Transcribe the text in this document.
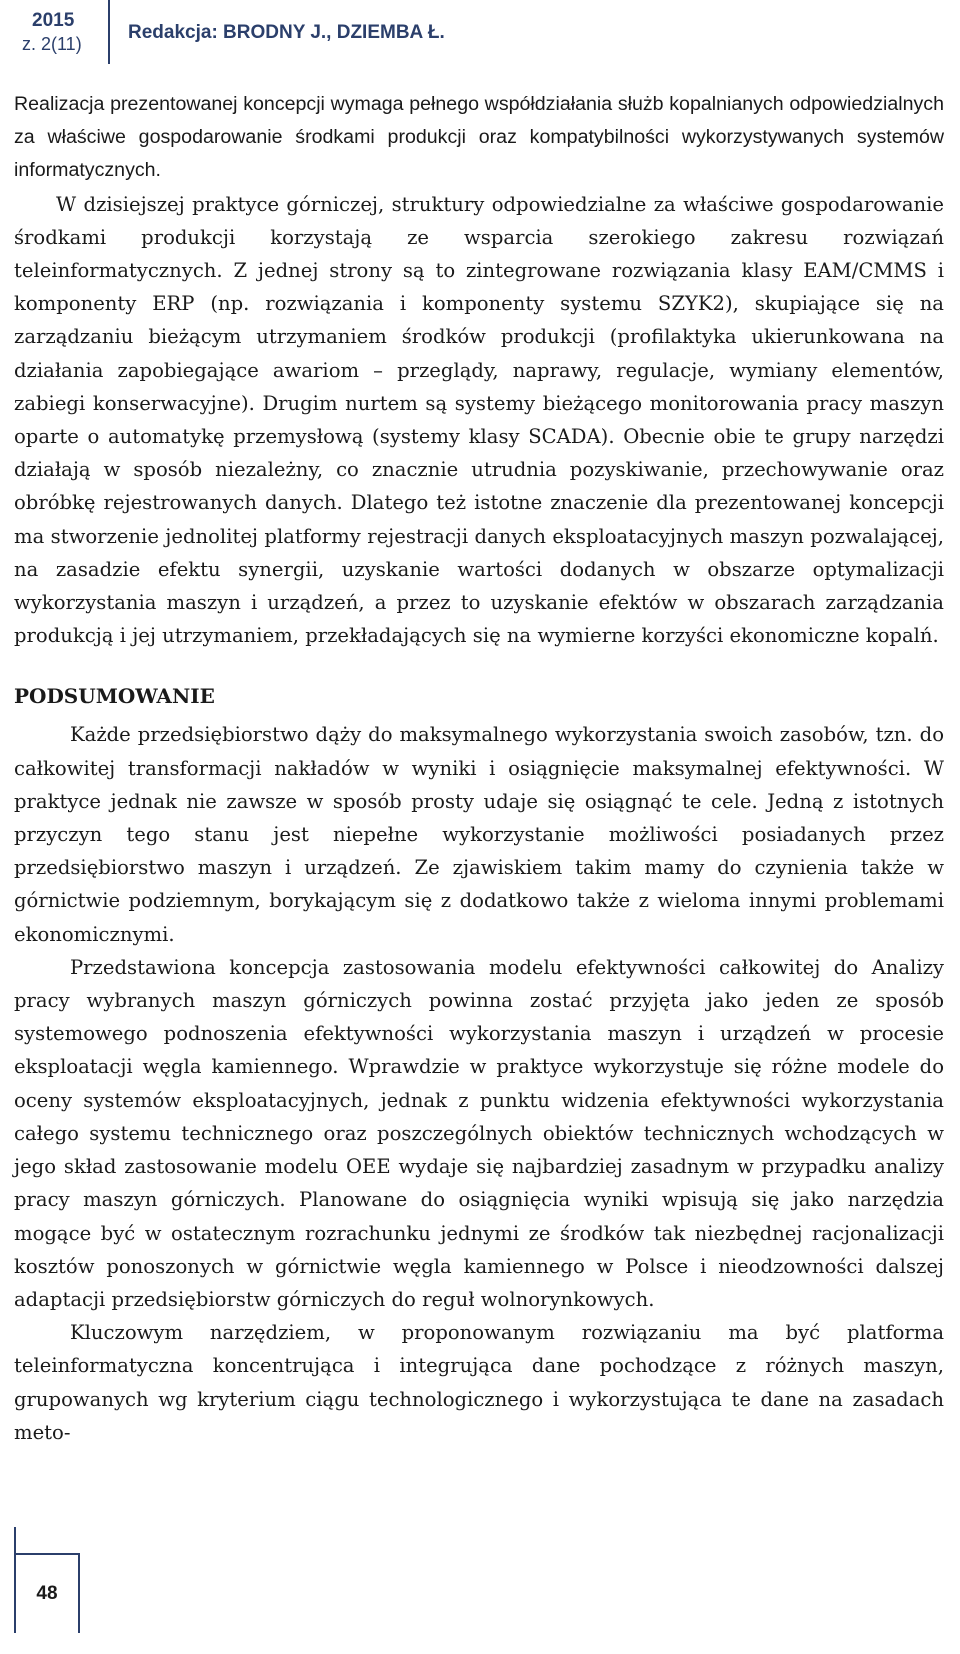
2015
z. 2(11)
Redakcja: BRODNY J., DZIEMBA Ł.

Realizacja prezentowanej koncepcji wymaga pełnego współdziałania służb kopalnianych odpowiedzialnych za właściwe gospodarowanie środkami produkcji oraz kompatybilności wykorzystywanych systemów informatycznych.

W dzisiejszej praktyce górniczej, struktury odpowiedzialne za właściwe gospodarowanie środkami produkcji korzystają ze wsparcia szerokiego zakresu rozwiązań teleinformatycznych. Z jednej strony są to zintegrowane rozwiązania klasy EAM/CMMS i komponenty ERP (np. rozwiązania i komponenty systemu SZYK2), skupiające się na zarządzaniu bieżącym utrzymaniem środków produkcji (profilaktyka ukierunkowana na działania zapobiegające awariom – przeglądy, naprawy, regulacje, wymiany elementów, zabiegi konserwacyjne). Drugim nurtem są systemy bieżącego monitorowania pracy maszyn oparte o automatykę przemysłową (systemy klasy SCADA). Obecnie obie te grupy narzędzi działają w sposób niezależny, co znacznie utrudnia pozyskiwanie, przechowywanie oraz obróbkę rejestrowanych danych. Dlatego też istotne znaczenie dla prezentowanej koncepcji ma stworzenie jednolitej platformy rejestracji danych eksploatacyjnych maszyn pozwalającej, na zasadzie efektu synergii, uzyskanie wartości dodanych w obszarze optymalizacji wykorzystania maszyn i urządzeń, a przez to uzyskanie efektów w obszarach zarządzania produkcją i jej utrzymaniem, przekładających się na wymierne korzyści ekonomiczne kopalń.

PODSUMOWANIE

Każde przedsiębiorstwo dąży do maksymalnego wykorzystania swoich zasobów, tzn. do całkowitej transformacji nakładów w wyniki i osiągnięcie maksymalnej efektywności. W praktyce jednak nie zawsze w sposób prosty udaje się osiągnąć te cele. Jedną z istotnych przyczyn tego stanu jest niepełne wykorzystanie możliwości posiadanych przez przedsiębiorstwo maszyn i urządzeń. Ze zjawiskiem takim mamy do czynienia także w górnictwie podziemnym, borykającym się z dodatkowo także z wieloma innymi problemami ekonomicznymi.

Przedstawiona koncepcja zastosowania modelu efektywności całkowitej do Analizy pracy wybranych maszyn górniczych powinna zostać przyjęta jako jeden ze sposób systemowego podnoszenia efektywności wykorzystania maszyn i urządzeń w procesie eksploatacji węgla kamiennego. Wprawdzie w praktyce wykorzystuje się różne modele do oceny systemów eksploatacyjnych, jednak z punktu widzenia efektywności wykorzystania całego systemu technicznego oraz poszczególnych obiektów technicznych wchodzących w jego skład zastosowanie modelu OEE wydaje się najbardziej zasadnym w przypadku analizy pracy maszyn górniczych. Planowane do osiągnięcia wyniki wpisują się jako narzędzia mogące być w ostatecznym rozrachunku jednymi ze środków tak niezbędnej racjonalizacji kosztów ponoszonych w górnictwie węgla kamiennego w Polsce i nieodzowności dalszej adaptacji przedsiębiorstw górniczych do reguł wolnorynkowych.

Kluczowym narzędziem, w proponowanym rozwiązaniu ma być platforma teleinformatyczna koncentrująca i integrująca dane pochodzące z różnych maszyn, grupowanych wg kryterium ciągu technologicznego i wykorzystująca te dane na zasadach meto-

48
